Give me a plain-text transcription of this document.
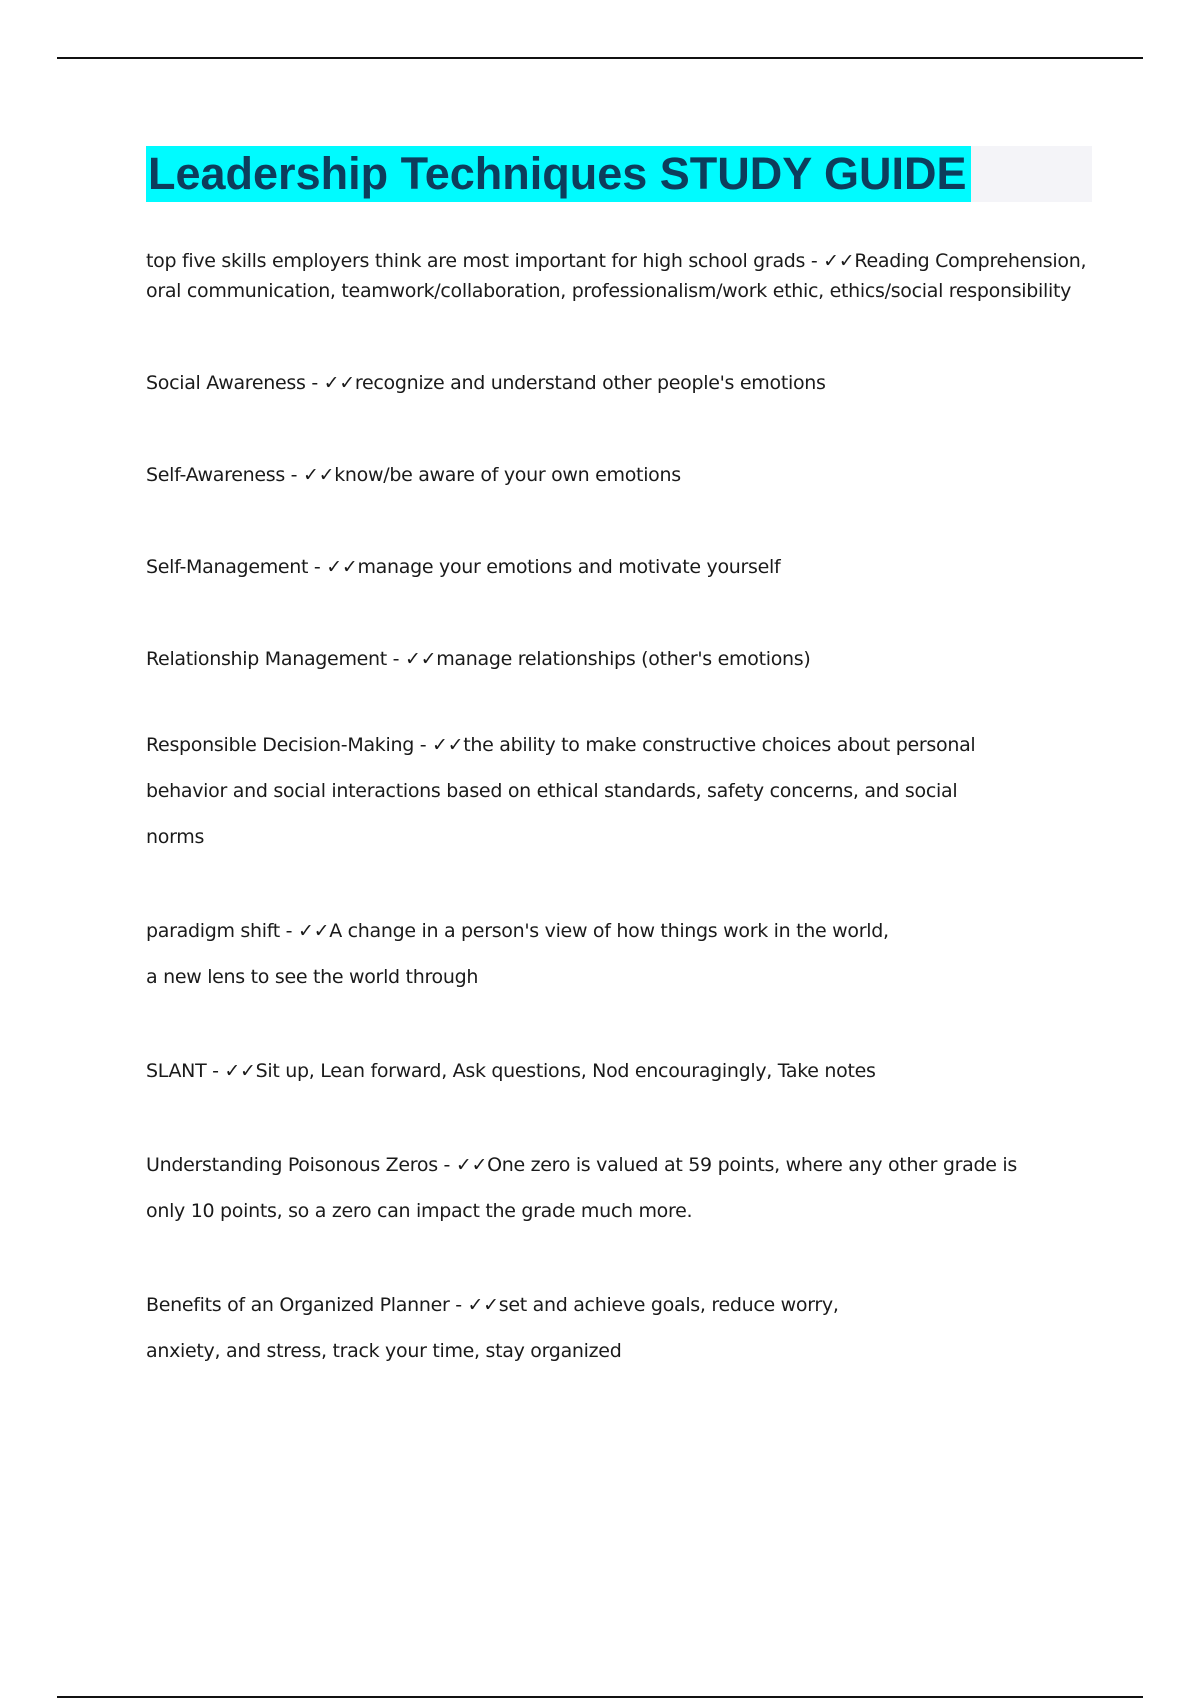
Leadership Techniques STUDY GUIDE

top five skills employers think are most important for high school grads - ✓✓Reading Comprehension,

oral communication, teamwork/collaboration, professionalism/work ethic, ethics/social responsibility

Social Awareness - ✓✓recognize and understand other people's emotions

Self-Awareness - ✓✓know/be aware of your own emotions

Self-Management - ✓✓manage your emotions and motivate yourself

Relationship Management - ✓✓manage relationships (other's emotions)

Responsible Decision-Making - ✓✓the ability to make constructive choices about personal

behavior and social interactions based on ethical standards, safety concerns, and social

norms

paradigm shift - ✓✓A change in a person's view of how things work in the world,

a new lens to see the world through

SLANT - ✓✓Sit up, Lean forward, Ask questions, Nod encouragingly, Take notes

Understanding Poisonous Zeros - ✓✓One zero is valued at 59 points, where any other grade is

only 10 points, so a zero can impact the grade much more.

Benefits of an Organized Planner - ✓✓set and achieve goals, reduce worry,

anxiety, and stress, track your time, stay organized
